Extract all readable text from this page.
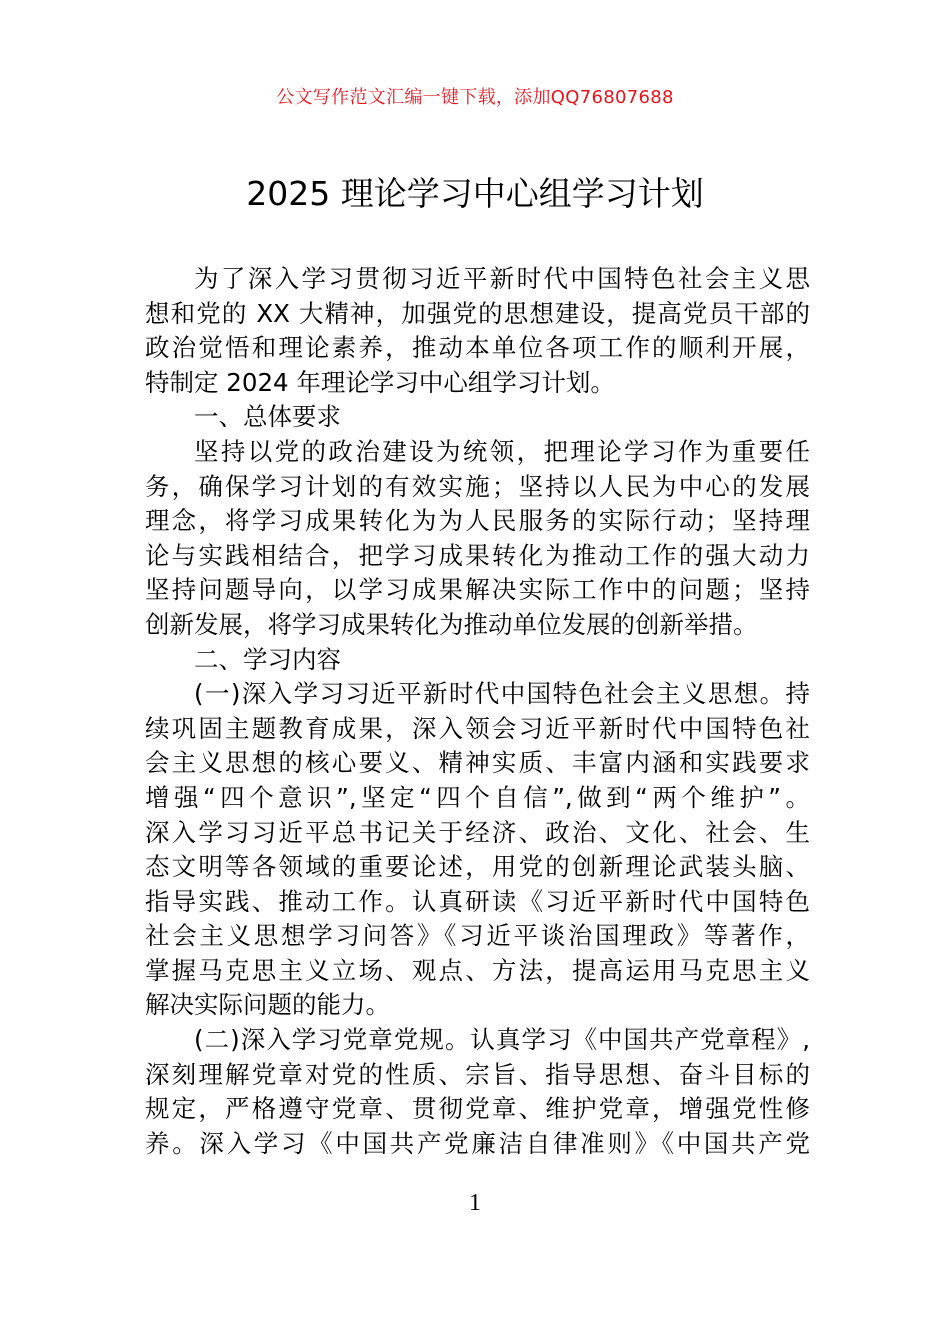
公文写作范文汇编一键下载，添加QQ76807688
2025 理论学习中心组学习计划
为了深入学习贯彻习近平新时代中国特色社会主义思
想和党的 XX 大精神，加强党的思想建设，提高党员干部的
政治觉悟和理论素养，推动本单位各项工作的顺利开展，
特制定 2024 年理论学习中心组学习计划。
一、总体要求
坚持以党的政治建设为统领，把理论学习作为重要任
务，确保学习计划的有效实施；坚持以人民为中心的发展
理念，将学习成果转化为为人民服务的实际行动；坚持理
论与实践相结合，把学习成果转化为推动工作的强大动力
坚持问题导向，以学习成果解决实际工作中的问题；坚持
创新发展，将学习成果转化为推动单位发展的创新举措。
二、学习内容
(一)深入学习习近平新时代中国特色社会主义思想。持
续巩固主题教育成果，深入领会习近平新时代中国特色社
会主义思想的核心要义、精神实质、丰富内涵和实践要求
增强“四个意识”,坚定“四个自信”,做到“两个维护”。
深入学习习近平总书记关于经济、政治、文化、社会、生
态文明等各领域的重要论述，用党的创新理论武装头脑、
指导实践、推动工作。认真研读《习近平新时代中国特色
社会主义思想学习问答》《习近平谈治国理政》等著作，
掌握马克思主义立场、观点、方法，提高运用马克思主义
解决实际问题的能力。
(二)深入学习党章党规。认真学习《中国共产党章程》,
深刻理解党章对党的性质、宗旨、指导思想、奋斗目标的
规定，严格遵守党章、贯彻党章、维护党章，增强党性修
养。深入学习《中国共产党廉洁自律准则》《中国共产党
1
